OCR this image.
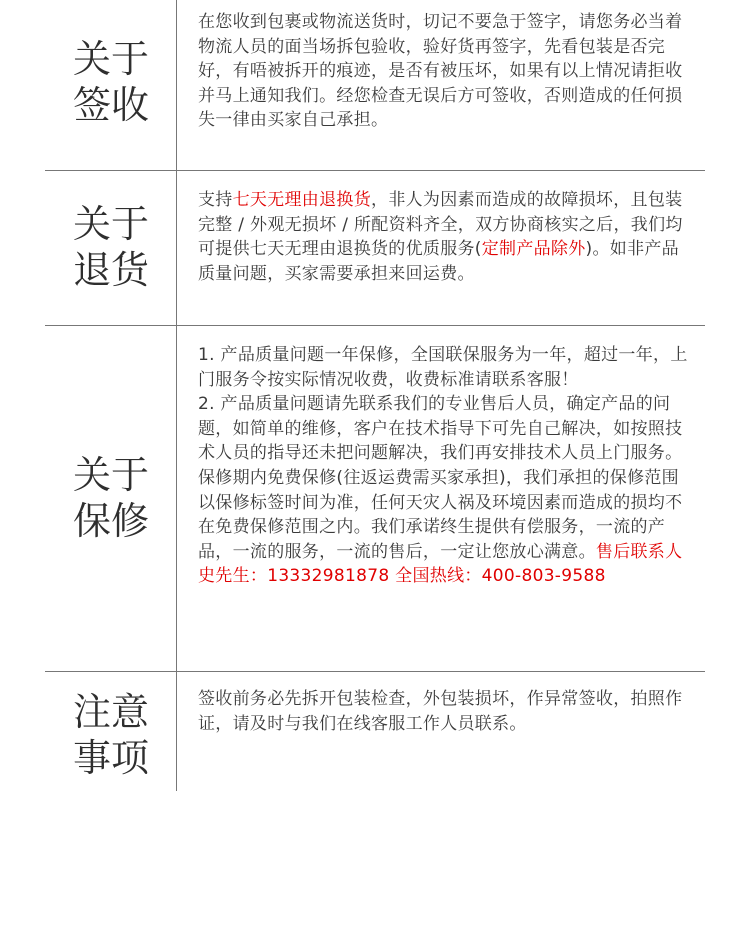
关于
签收

在您收到包裹或物流送货时，切记不要急于签字，请您务必当着物流人员的面当场拆包验收，验好货再签字，先看包装是否完好，有唔被拆开的痕迹，是否有被压坏，如果有以上情况请拒收并马上通知我们。经您检查无误后方可签收，否则造成的任何损失一律由买家自己承担。

关于
退货

支持七天无理由退换货，非人为因素而造成的故障损坏，且包装完整 / 外观无损坏 / 所配资料齐全，双方协商核实之后，我们均可提供七天无理由退换货的优质服务(定制产品除外)。如非产品质量问题，买家需要承担来回运费。

关于
保修
1. 产品质量问题一年保修，全国联保服务为一年，超过一年，上门服务令按实际情况收费，收费标准请联系客服！
2. 产品质量问题请先联系我们的专业售后人员，确定产品的问题，如简单的维修，客户在技术指导下可先自己解决，如按照技术人员的指导还未把问题解决，我们再安排技术人员上门服务。保修期内免费保修(往返运费需买家承担)，我们承担的保修范围以保修标签时间为准，任何天灾人祸及环境因素而造成的损均不在免费保修范围之内。我们承诺终生提供有偿服务，一流的产品，一流的服务，一流的售后，一定让您放心满意。售后联系人史先生：13332981878 全国热线：400-803-9588
注意
事项

签收前务必先拆开包装检查，外包装损坏，作异常签收，拍照作证，请及时与我们在线客服工作人员联系。
